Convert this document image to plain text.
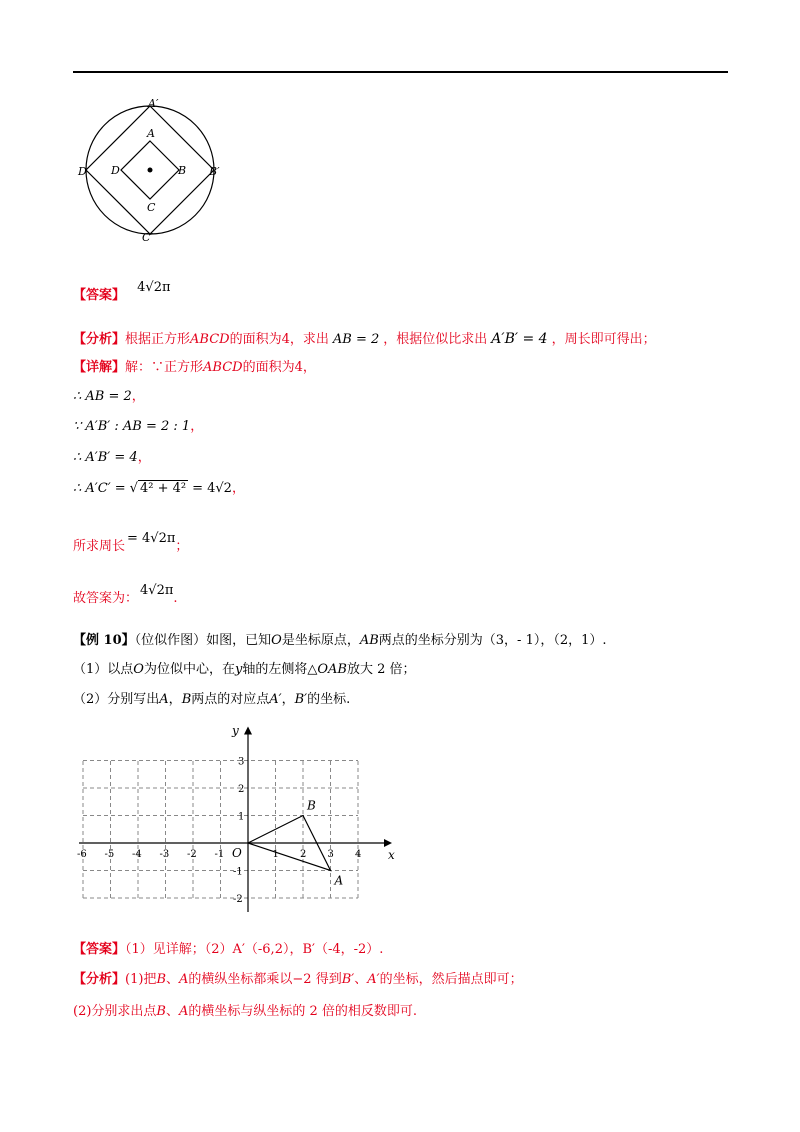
A′
B′
C′
D′
A
B
C
D
【答案】 4√2π
【分析】根据正方形ABCD的面积为4，求出 AB = 2 ，根据位似比求出 A′B′ = 4 ，周长即可得出；
【详解】解：∵正方形ABCD的面积为4，
∴ AB = 2，
∵ A′B′ : AB = 2 : 1，
∴ A′B′ = 4，
∴ A′C′ = √ 4² + 4² = 4√2，
所求周长= 4√2π；
故答案为：4√2π.
【例 10】（位似作图）如图，已知O是坐标原点，AB两点的坐标分别为（3，- 1），（2，1）.
（1）以点O为位似中心，在y轴的左侧将△OAB放大 2 倍；
（2）分别写出A，B两点的对应点A′，B′的坐标.
x
y
O
-6 -5 -4 -3 -2 -1	1 2 3 4
3
2
1
-1
-2
A
B
【答案】（1）见详解；（2）A′（-6,2），B′（-4，-2）.
【分析】(1)把B、A的横纵坐标都乘以−2 得到B′、A′的坐标，然后描点即可；
(2)分别求出点B、A的横坐标与纵坐标的 2 倍的相反数即可.
